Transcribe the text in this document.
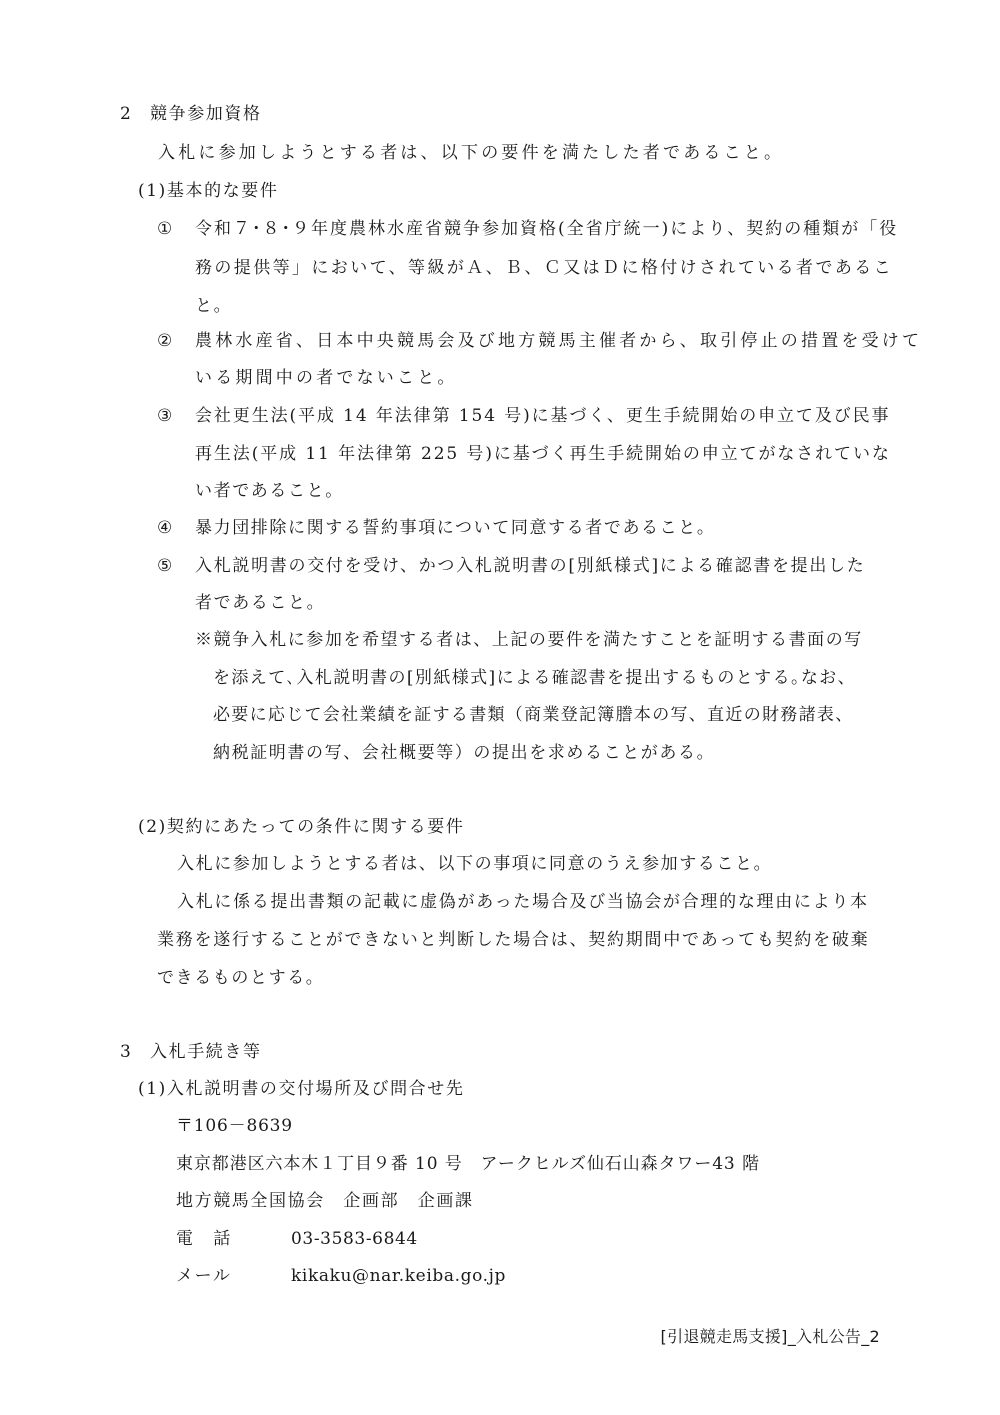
2 競争参加資格
入札に参加しようとする者は、以下の要件を満たした者であること。
(1)基本的な要件
① 令和７･８･９年度農林水産省競争参加資格(全省庁統一)により、契約の種類が「役
務の提供等」において、等級がＡ、Ｂ、Ｃ又はＤに格付けされている者であるこ
と。
② 農林水産省、日本中央競馬会及び地方競馬主催者から、取引停止の措置を受けて
いる期間中の者でないこと。
③ 会社更生法(平成 14 年法律第 154 号)に基づく、更生手続開始の申立て及び民事
再生法(平成 11 年法律第 225 号)に基づく再生手続開始の申立てがなされていな
い者であること。
④ 暴力団排除に関する誓約事項について同意する者であること。
⑤ 入札説明書の交付を受け、かつ入札説明書の[別紙様式]による確認書を提出した
者であること。
※競争入札に参加を希望する者は、上記の要件を満たすことを証明する書面の写
を添えて､入札説明書の[別紙様式]による確認書を提出するものとする｡なお、
必要に応じて会社業績を証する書類（商業登記簿謄本の写、直近の財務諸表、
納税証明書の写、会社概要等）の提出を求めることがある。
(2)契約にあたっての条件に関する要件
入札に参加しようとする者は、以下の事項に同意のうえ参加すること。
入札に係る提出書類の記載に虚偽があった場合及び当協会が合理的な理由により本
業務を遂行することができないと判断した場合は、契約期間中であっても契約を破棄
できるものとする。
3 入札手続き等
(1)入札説明書の交付場所及び問合せ先
〒106－8639
東京都港区六本木１丁目９番 10 号　アークヒルズ仙石山森タワー43 階
地方競馬全国協会　企画部　企画課
電　話	03-3583-6844
メール	kikaku@nar.keiba.go.jp
[引退競走馬支援]_入札公告_2
